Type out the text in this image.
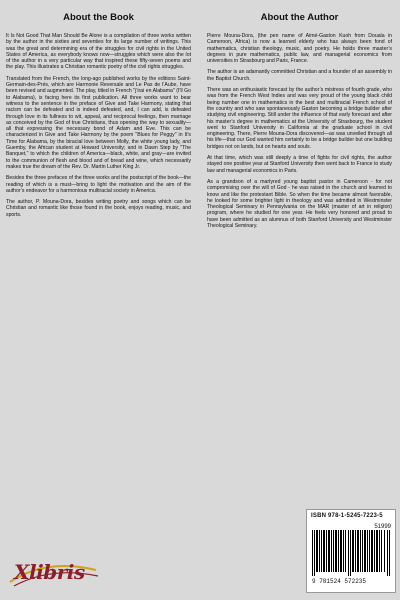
About the Book

It Is Not Good That Man Should Be Alone is a compilation of three works written by the author in the sixties and seventies for its large number of writings. This was the great and determining era of the struggles for civil rights in the United States of America, as everybody knows now—struggles which were also the lot of the author in a very particular way that inspired these fifty-seven poems and the play. This illustrates a Christian romantic poetry of the civil rights struggles.

Translated from the French, the long-ago published works by the editions Saint-Germain-des-Prés, which are Harmonie Reversale and Le Pas de l’Aube, have been revised and augmented. The play, titled in French "j’irai en Alabama" (I'll Go to Alabama), is facing here its first publication. All three works want to bear witness to the sentence in the preface of Give and Take Harmony, stating that racism can be defeated and is indeed defeated, and, I can add, is defeated through love in its fullness to wit, appeal, and reciprocal feelings, then marriage as conceived by the God of true Christians, thus opening the way to sexuality—all that expressing the necessary bond of Adam and Eve. This can be characterized in Give and Take Harmony by the poem "Blues for Peggy" in It's Time for Alabama, by the biracial love between Molly, the white young lady, and Guemby, the African student at Howard University; and in Dawn Step by "The Banquet," to which the children of America—black, white, and gray—are invited to the communion of flesh and blood and of bread and wine, which necessarily makes true the dream of the Rev. Dr. Martin Luther King Jr.

Besides the three prefaces of the three works and the postscript of the book—the reading of which is a must—bring to light the motivation and the aim of the author’s endeavor for a harmonious multiracial society in America.

The author, P. Mouna-Dora, besides writing poetry and songs which can be Christian and romantic like those found in the book, enjoys reading, music, and sports.

About the Author

Pierre Mouna-Dora, (the pen name of Aimé-Gaston Kuoh from Douala in Cameroon, Africa) is now a learned elderly who has always been fond of mathematics, christian theology, music, and poetry. He holds three master’s degrees in pure mathematics, public law, and managerial economics from universities in Strasbourg and Paris, France.

The author is an adamantly committed Christian and a founder of an assembly in the Baptist Church.

There was an enthusiastic forecast by the author’s mistress of fourth grade, who was from the French West Indies and was very proud of the young black child being number one in mathematics in the best and multiracial French school of the country and who saw spontaneously Gaston becoming a bridge builder after studying civil engineering. Still under the influence of that early forecast and after his master’s degree in mathematics at the University of Strasbourg, the student went to Stanford University in California at the graduate school in civil engineering. There, Pierre Mouna-Dora discovered—as was unveiled through all his life—that our God wanted him certainly to be a bridge builder but one building bridges not on lands, but on hearts and souls.

At that time, which was still deeply a time of fights for civil rights, the author stayed one positive year at Stanford University then went back to France to study law and managerial economics in Paris.

As a grandson of a martyred young baptist pastor in Cameroon - for not compromising over the will of God - he was raised in the church and learned to know and like the protestant Bible. So when the time became almost favorable, he looked for some brighter light in theology and was admitted in Westminster Theological Seminary in Pennsylvania on the MAR (master of art in religion) program, where he studied for one year. He feels very honored and proud to have been admitted as an alumnus of both Stanford University and Westminster Theological Seminary.

Xlibris
ISBN 978-1-5245-7223-5
51999
9 781524 572235
